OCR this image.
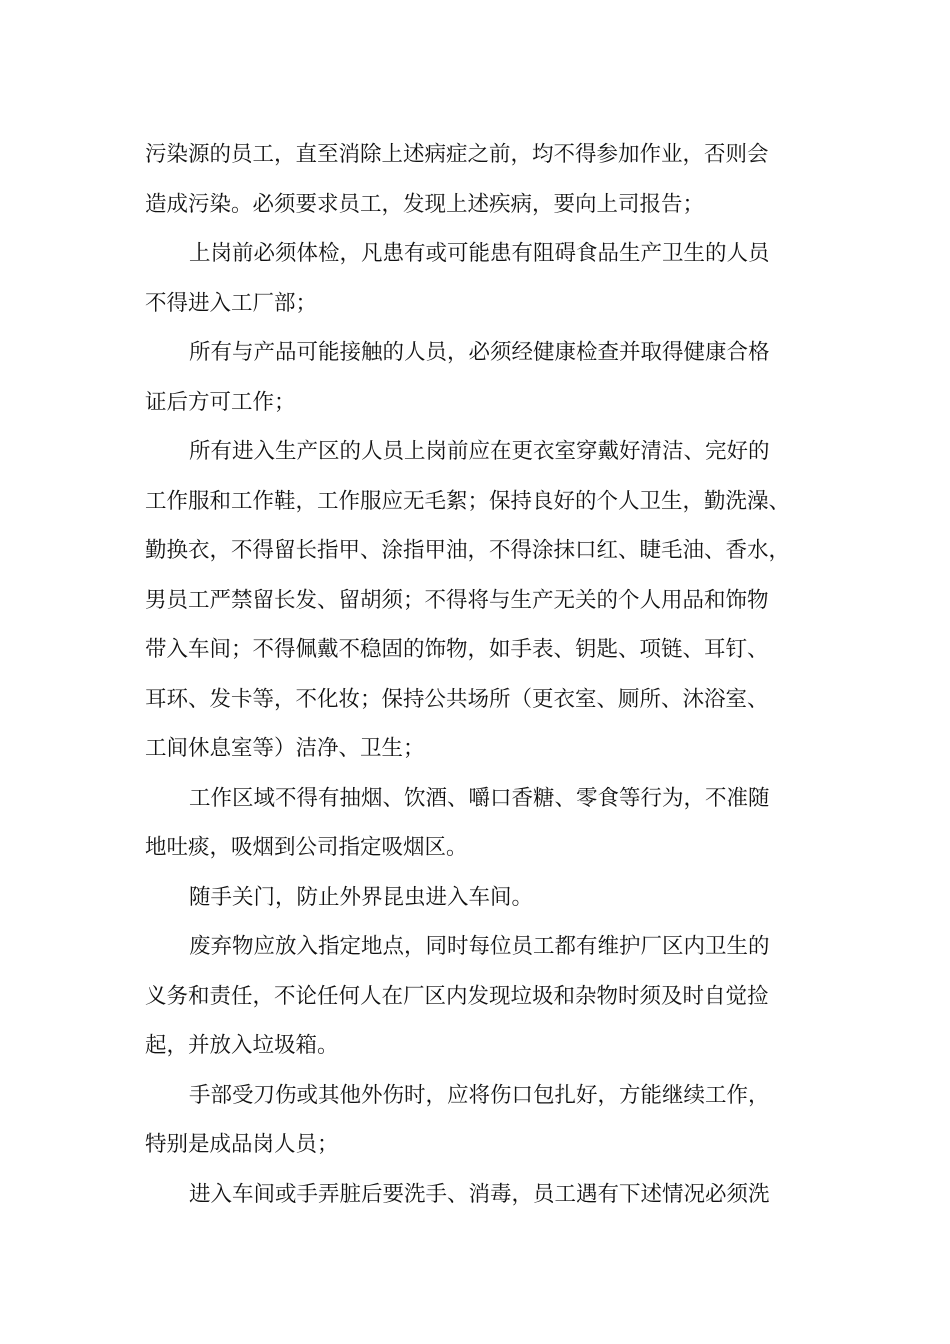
污染源的员工，直至消除上述病症之前，均不得参加作业，否则会
造成污染。必须要求员工，发现上述疾病，要向上司报告；
上岗前必须体检，凡患有或可能患有阻碍食品生产卫生的人员
不得进入工厂部；
所有与产品可能接触的人员，必须经健康检查并取得健康合格
证后方可工作；
所有进入生产区的人员上岗前应在更衣室穿戴好清洁、完好的
工作服和工作鞋，工作服应无毛絮；保持良好的个人卫生，勤洗澡、
勤换衣，不得留长指甲、涂指甲油，不得涂抹口红、睫毛油、香水，
男员工严禁留长发、留胡须；不得将与生产无关的个人用品和饰物
带入车间；不得佩戴不稳固的饰物，如手表、钥匙、项链、耳钉、
耳环、发卡等，不化妆；保持公共场所（更衣室、厕所、沐浴室、
工间休息室等）洁净、卫生；
工作区域不得有抽烟、饮酒、嚼口香糖、零食等行为，不准随
地吐痰，吸烟到公司指定吸烟区。
随手关门，防止外界昆虫进入车间。
废弃物应放入指定地点，同时每位员工都有维护厂区内卫生的
义务和责任，不论任何人在厂区内发现垃圾和杂物时须及时自觉捡
起，并放入垃圾箱。
手部受刀伤或其他外伤时，应将伤口包扎好，方能继续工作，
特别是成品岗人员；
进入车间或手弄脏后要洗手、消毒，员工遇有下述情况必须洗
